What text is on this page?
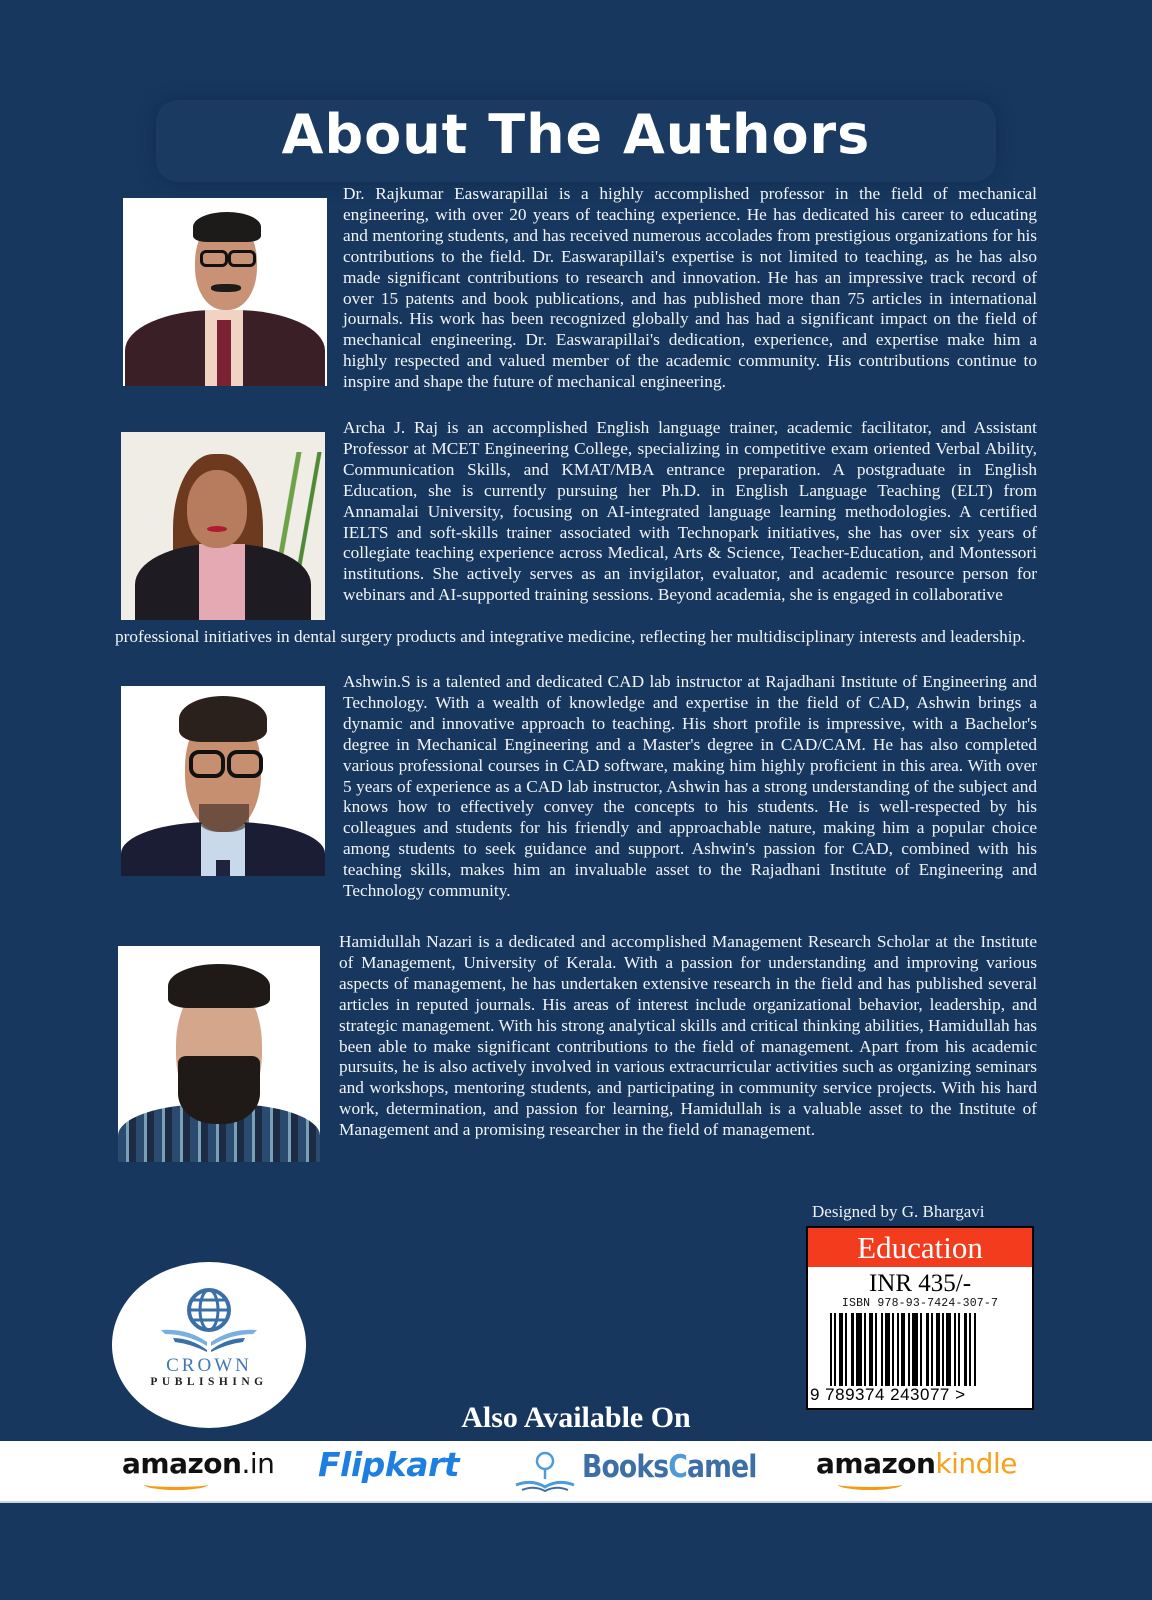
About The Authors
Dr. Rajkumar Easwarapillai is a highly accomplished professor in the field of mechanical engineering, with over 20 years of teaching experience. He has dedicated his career to educating and mentoring students, and has received numerous accolades from prestigious organizations for his contributions to the field. Dr. Easwarapillai's expertise is not limited to teaching, as he has also made significant contributions to research and innovation. He has an impressive track record of over 15 patents and book publications, and has published more than 75 articles in international journals. His work has been recognized globally and has had a significant impact on the field of mechanical engineering. Dr. Easwarapillai's dedication, experience, and expertise make him a highly respected and valued member of the academic community. His contributions continue to inspire and shape the future of mechanical engineering.
Archa J. Raj is an accomplished English language trainer, academic facilitator, and Assistant Professor at MCET Engineering College, specializing in competitive exam oriented Verbal Ability, Communication Skills, and KMAT/MBA entrance preparation. A postgraduate in English Education, she is currently pursuing her Ph.D. in English Language Teaching (ELT) from Annamalai University, focusing on AI-integrated language learning methodologies. A certified IELTS and soft-skills trainer associated with Technopark initiatives, she has over six years of collegiate teaching experience across Medical, Arts & Science, Teacher-Education, and Montessori institutions. She actively serves as an invigilator, evaluator, and academic resource person for webinars and AI-supported training sessions. Beyond academia, she is engaged in collaborative
professional initiatives in dental surgery products and integrative medicine, reflecting her multidisciplinary interests and leadership.
Ashwin.S is a talented and dedicated CAD lab instructor at Rajadhani Institute of Engineering and Technology. With a wealth of knowledge and expertise in the field of CAD, Ashwin brings a dynamic and innovative approach to teaching. His short profile is impressive, with a Bachelor's degree in Mechanical Engineering and a Master's degree in CAD/CAM. He has also completed various professional courses in CAD software, making him highly proficient in this area. With over 5 years of experience as a CAD lab instructor, Ashwin has a strong understanding of the subject and knows how to effectively convey the concepts to his students. He is well-respected by his colleagues and students for his friendly and approachable nature, making him a popular choice among students to seek guidance and support. Ashwin's passion for CAD, combined with his teaching skills, makes him an invaluable asset to the Rajadhani Institute of Engineering and Technology community.
Hamidullah Nazari is a dedicated and accomplished Management Research Scholar at the Institute of Management, University of Kerala. With a passion for understanding and improving various aspects of management, he has undertaken extensive research in the field and has published several articles in reputed journals. His areas of interest include organizational behavior, leadership, and strategic management. With his strong analytical skills and critical thinking abilities, Hamidullah has been able to make significant contributions to the field of management. Apart from his academic pursuits, he is also actively involved in various extracurricular activities such as organizing seminars and workshops, mentoring students, and participating in community service projects. With his hard work, determination, and passion for learning, Hamidullah is a valuable asset to the Institute of Management and a promising researcher in the field of management.
Designed by G. Bhargavi
Education
INR 435/-
ISBN 978-93-7424-307-7
9 789374 243077 >
CROWN
PUBLISHING
Also Available On
amazon.in Flipkart	BooksCamel amazonkindle
